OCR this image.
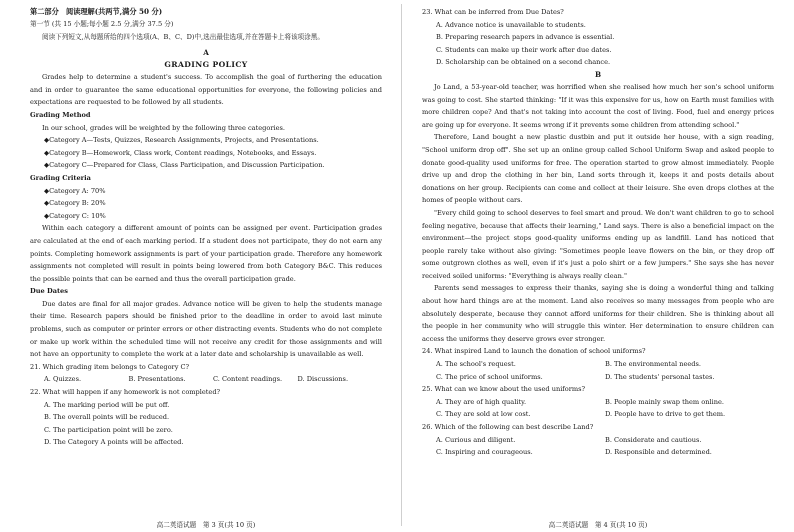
第二部分　阅读理解(共两节,满分 50 分)
第一节 (共 15 小题;每小题 2.5 分,满分 37.5 分)
阅读下列短文,从每题所给的四个选项(A、B、C、D)中,选出最佳选项,并在答题卡上将该项涂黑。
A
GRADING POLICY

Grades help to determine a student's success. To accomplish the goal of furthering the education and in order to guarantee the same educational opportunities for everyone, the following policies and expectations are requested to be followed by all students.

Grading Method
In our school, grades will be weighted by the following three categories.
◆Category A—Tests, Quizzes, Research Assignments, Projects, and Presentations.
◆Category B—Homework, Class work, Content readings, Notebooks, and Essays.
◆Category C—Prepared for Class, Class Participation, and Discussion Participation.
Grading Criteria
◆Category A: 70%
◆Category B: 20%
◆Category C: 10%

Within each category a different amount of points can be assigned per event. Participation grades are calculated at the end of each marking period. If a student does not participate, they do not earn any points. Completing homework assignments is part of your participation grade. Therefore any homework assignments not completed will result in points being lowered from both Category B&C. This reduces the possible points that can be earned and thus the overall participation grade.

Due Dates

Due dates are final for all major grades. Advance notice will be given to help the students manage their time. Research papers should be finished prior to the deadline in order to avoid last minute problems, such as computer or printer errors or other distracting events. Students who do not complete or make up work within the scheduled time will not receive any credit for those assignments and will not have an opportunity to complete the work at a later date and scholarship is unavailable as well.

21. Which grading item belongs to Category C?
A. Quizzes.	B. Presentations.	C. Content readings.	D. Discussions.
22. What will happen if any homework is not completed?
A. The marking period will be put off.
B. The overall points will be reduced.
C. The participation point will be zero.
D. The Category A points will be affected.
高二英语试题　第 3 页(共 10 页)
23. What can be inferred from Due Dates?
A. Advance notice is unavailable to students.
B. Preparing research papers in advance is essential.
C. Students can make up their work after due dates.
D. Scholarship can be obtained on a second chance.
B

Jo Land, a 53-year-old teacher, was horrified when she realised how much her son's school uniform was going to cost. She started thinking: "If it was this expensive for us, how on Earth must families with more children cope? And that's not taking into account the cost of living. Food, fuel and energy prices are going up for everyone. It seems wrong if it prevents some children from attending school."

Therefore, Land bought a new plastic dustbin and put it outside her house, with a sign reading, "School uniform drop off". She set up an online group called School Uniform Swap and asked people to donate good-quality used uniforms for free. The operation started to grow almost immediately. People drive up and drop the clothing in her bin, Land sorts through it, keeps it and posts details about donations on her group. Recipients can come and collect at their leisure. She even drops clothes at the homes of people without cars.

"Every child going to school deserves to feel smart and proud. We don't want children to go to school feeling negative, because that affects their learning," Land says. There is also a beneficial impact on the environment—the project stops good-quality uniforms ending up as landfill. Land has noticed that people rarely take without also giving: "Sometimes people leave flowers on the bin, or they drop off some outgrown clothes as well, even if it's just a polo shirt or a few jumpers." She says she has never received soiled uniforms: "Everything is always really clean."

Parents send messages to express their thanks, saying she is doing a wonderful thing and talking about how hard things are at the moment. Land also receives so many messages from people who are absolutely desperate, because they cannot afford uniforms for their children. She is thinking about all the people in her community who will struggle this winter. Her determination to ensure children can access the uniforms they deserve grows ever stronger.

24. What inspired Land to launch the donation of school uniforms?
A. The school's request.	B. The environmental needs.
C. The price of school uniforms.	D. The students' personal tastes.
25. What can we know about the used uniforms?
A. They are of high quality.	B. People mainly swap them online.
C. They are sold at low cost.	D. People have to drive to get them.
26. Which of the following can best describe Land?
A. Curious and diligent.	B. Considerate and cautious.
C. Inspiring and courageous.	D. Responsible and determined.
高二英语试题　第 4 页(共 10 页)
